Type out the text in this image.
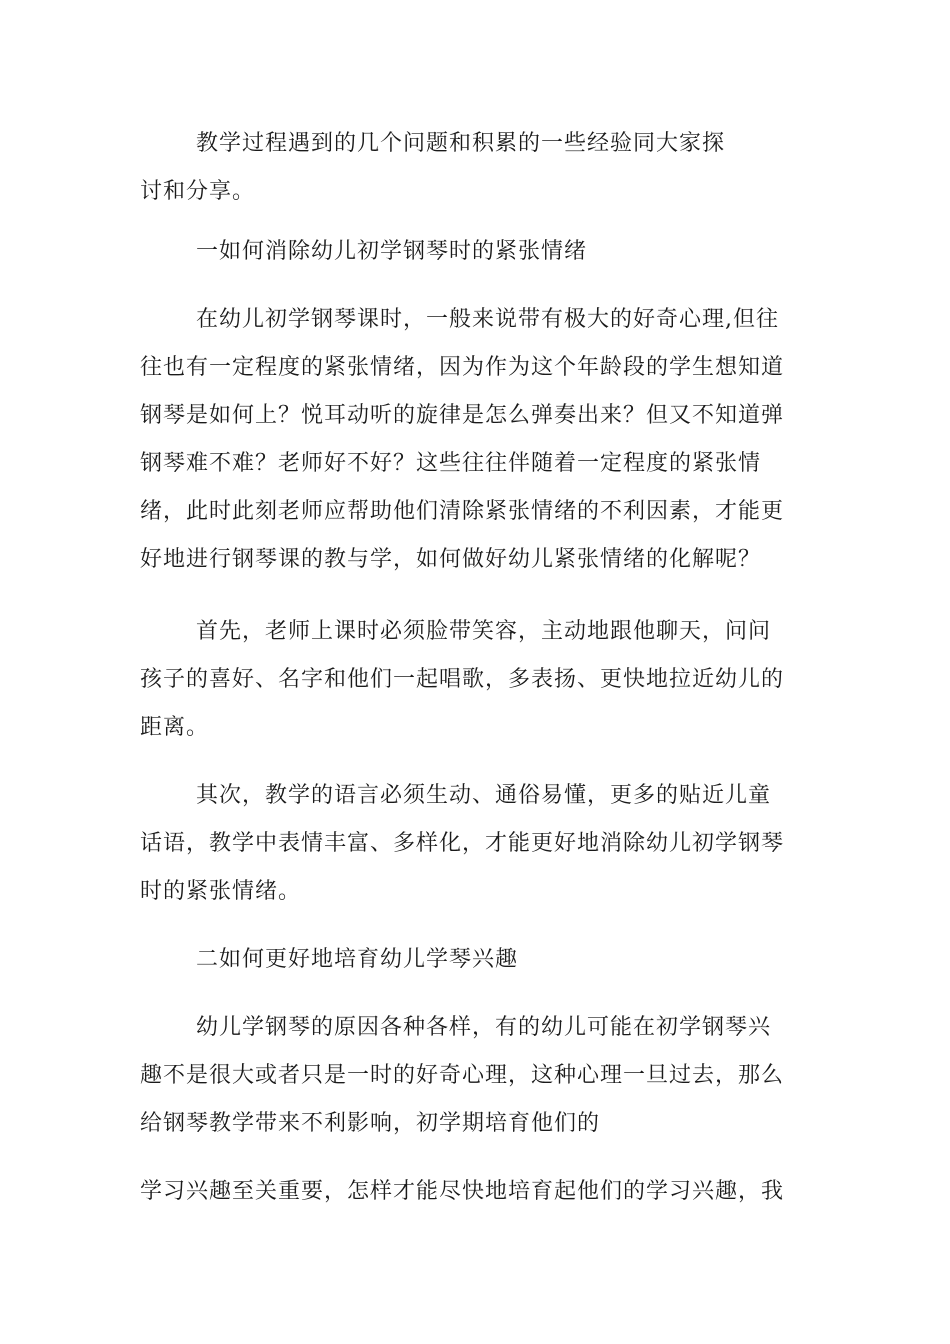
教学过程遇到的几个问题和积累的一些经验同大家探
讨和分享。
一如何消除幼儿初学钢琴时的紧张情绪
在幼儿初学钢琴课时，一般来说带有极大的好奇心理,但往
往也有一定程度的紧张情绪，因为作为这个年龄段的学生想知道
钢琴是如何上？悦耳动听的旋律是怎么弹奏出来？但又不知道弹
钢琴难不难？老师好不好？这些往往伴随着一定程度的紧张情
绪，此时此刻老师应帮助他们清除紧张情绪的不利因素，才能更
好地进行钢琴课的教与学，如何做好幼儿紧张情绪的化解呢？
首先，老师上课时必须脸带笑容，主动地跟他聊天，问问
孩子的喜好、名字和他们一起唱歌，多表扬、更快地拉近幼儿的
距离。
其次，教学的语言必须生动、通俗易懂，更多的贴近儿童
话语，教学中表情丰富、多样化，才能更好地消除幼儿初学钢琴
时的紧张情绪。
二如何更好地培育幼儿学琴兴趣
幼儿学钢琴的原因各种各样，有的幼儿可能在初学钢琴兴
趣不是很大或者只是一时的好奇心理，这种心理一旦过去，那么
给钢琴教学带来不利影响，初学期培育他们的
学习兴趣至关重要，怎样才能尽快地培育起他们的学习兴趣，我
